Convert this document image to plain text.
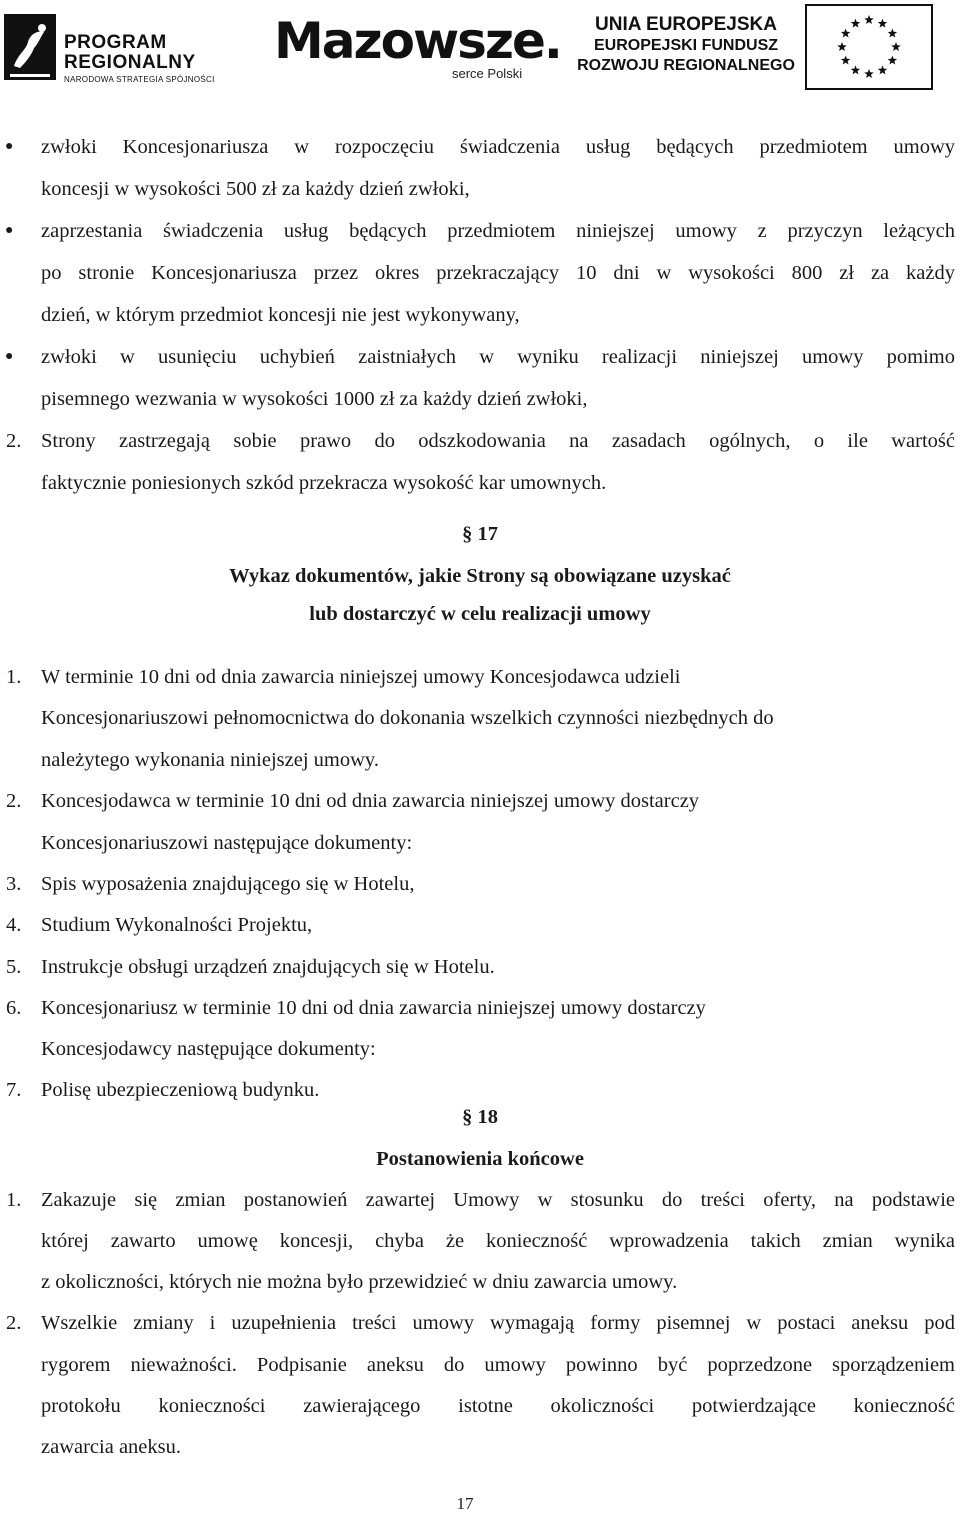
PROGRAM
REGIONALNY
NARODOWA STRATEGIA SPÓJNOŚCI
Mazowsze.
serce Polski
UNIA EUROPEJSKA
EUROPEJSKI FUNDUSZ
ROZWOJU REGIONALNEGO
● zwłoki Koncesjonariusza w rozpoczęciu świadczenia usług będących przedmiotem umowy
koncesji w wysokości 500 zł za każdy dzień zwłoki,
● zaprzestania świadczenia usług będących przedmiotem niniejszej umowy z przyczyn leżących
po stronie Koncesjonariusza przez okres przekraczający 10 dni w wysokości 800 zł za każdy
dzień, w którym przedmiot koncesji nie jest wykonywany,
● zwłoki w usunięciu uchybień zaistniałych w wyniku realizacji niniejszej umowy pomimo
pisemnego wezwania w wysokości 1000 zł za każdy dzień zwłoki,
2. Strony zastrzegają sobie prawo do odszkodowania na zasadach ogólnych, o ile wartość
faktycznie poniesionych szkód przekracza wysokość kar umownych.
§ 17
Wykaz dokumentów, jakie Strony są obowiązane uzyskać
lub dostarczyć w celu realizacji umowy
1. W terminie 10 dni od dnia zawarcia niniejszej umowy Koncesjodawca udzieli
Koncesjonariuszowi pełnomocnictwa do dokonania wszelkich czynności niezbędnych do
należytego wykonania niniejszej umowy.
2. Koncesjodawca w terminie 10 dni od dnia zawarcia niniejszej umowy dostarczy
Koncesjonariuszowi następujące dokumenty:
3. Spis wyposażenia znajdującego się w Hotelu,
4. Studium Wykonalności Projektu,
5. Instrukcje obsługi urządzeń znajdujących się w Hotelu.
6. Koncesjonariusz w terminie 10 dni od dnia zawarcia niniejszej umowy dostarczy
Koncesjodawcy następujące dokumenty:
7. Polisę ubezpieczeniową budynku.
§ 18
Postanowienia końcowe
1. Zakazuje się zmian postanowień zawartej Umowy w stosunku do treści oferty, na podstawie
której zawarto umowę koncesji, chyba że konieczność wprowadzenia takich zmian wynika
z okoliczności, których nie można było przewidzieć w dniu zawarcia umowy.
2. Wszelkie zmiany i uzupełnienia treści umowy wymagają formy pisemnej w postaci aneksu pod
rygorem nieważności. Podpisanie aneksu do umowy powinno być poprzedzone sporządzeniem
protokołu konieczności zawierającego istotne okoliczności potwierdzające konieczność
zawarcia aneksu.
17
